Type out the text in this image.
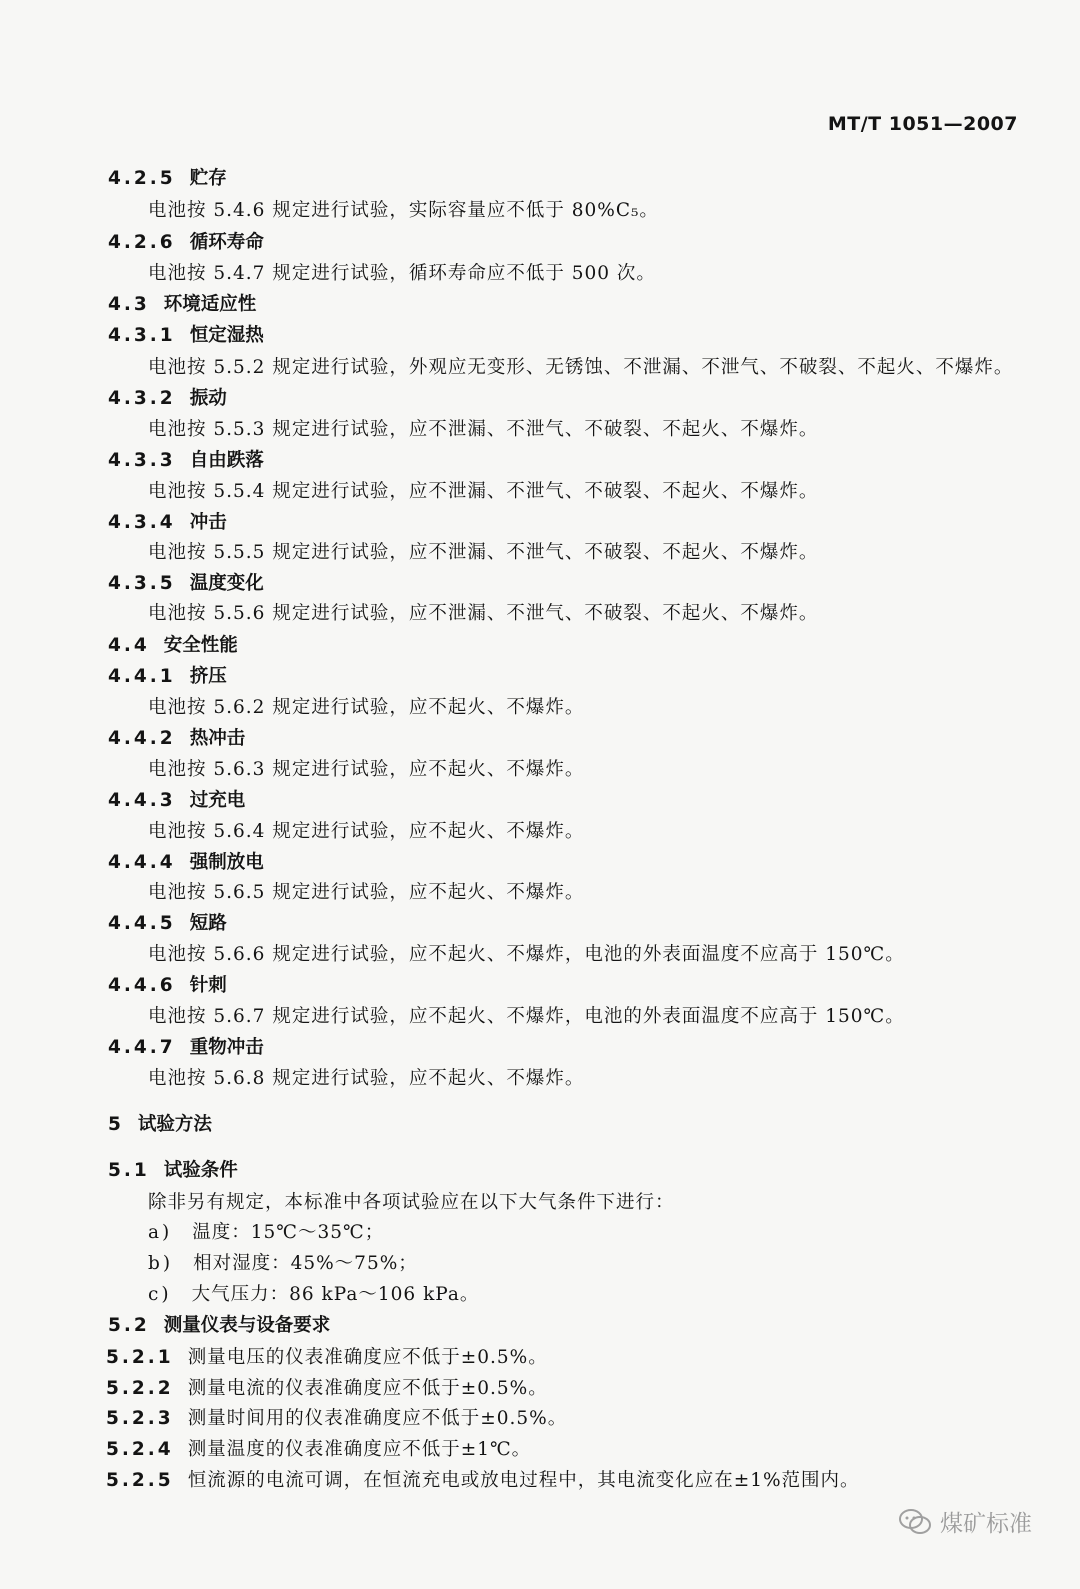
MT/T 1051—2007
4.2.5 贮存
电池按 5.4.6 规定进行试验，实际容量应不低于 80%C₅。
4.2.6 循环寿命
电池按 5.4.7 规定进行试验，循环寿命应不低于 500 次。
4.3 环境适应性
4.3.1 恒定湿热
电池按 5.5.2 规定进行试验，外观应无变形、无锈蚀、不泄漏、不泄气、不破裂、不起火、不爆炸。
4.3.2 振动
电池按 5.5.3 规定进行试验，应不泄漏、不泄气、不破裂、不起火、不爆炸。
4.3.3 自由跌落
电池按 5.5.4 规定进行试验，应不泄漏、不泄气、不破裂、不起火、不爆炸。
4.3.4 冲击
电池按 5.5.5 规定进行试验，应不泄漏、不泄气、不破裂、不起火、不爆炸。
4.3.5 温度变化
电池按 5.5.6 规定进行试验，应不泄漏、不泄气、不破裂、不起火、不爆炸。
4.4 安全性能
4.4.1 挤压
电池按 5.6.2 规定进行试验，应不起火、不爆炸。
4.4.2 热冲击
电池按 5.6.3 规定进行试验，应不起火、不爆炸。
4.4.3 过充电
电池按 5.6.4 规定进行试验，应不起火、不爆炸。
4.4.4 强制放电
电池按 5.6.5 规定进行试验，应不起火、不爆炸。
4.4.5 短路
电池按 5.6.6 规定进行试验，应不起火、不爆炸，电池的外表面温度不应高于 150℃。
4.4.6 针刺
电池按 5.6.7 规定进行试验，应不起火、不爆炸，电池的外表面温度不应高于 150℃。
4.4.7 重物冲击
电池按 5.6.8 规定进行试验，应不起火、不爆炸。
5 试验方法
5.1 试验条件
除非另有规定，本标准中各项试验应在以下大气条件下进行：
a) 温度：15℃～35℃；
b) 相对湿度：45%～75%；
c) 大气压力：86 kPa～106 kPa。
5.2 测量仪表与设备要求
5.2.1 测量电压的仪表准确度应不低于±0.5%。
5.2.2 测量电流的仪表准确度应不低于±0.5%。
5.2.3 测量时间用的仪表准确度应不低于±0.5%。
5.2.4 测量温度的仪表准确度应不低于±1℃。
5.2.5 恒流源的电流可调，在恒流充电或放电过程中，其电流变化应在±1%范围内。
煤矿标准
